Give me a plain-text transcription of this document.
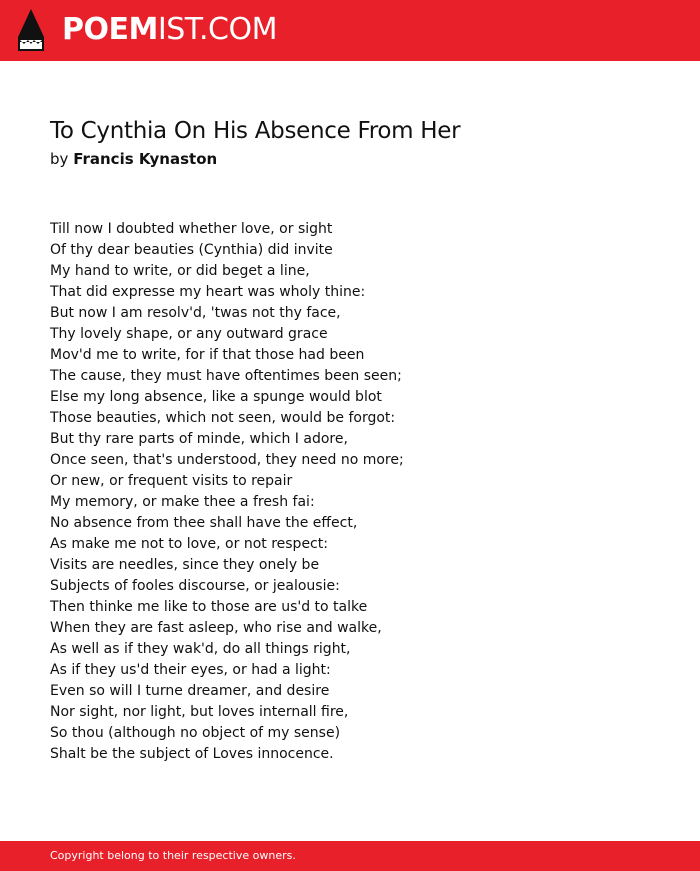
POEMIST.COM
To Cynthia On His Absence From Her
by Francis Kynaston
Till now I doubted whether love, or sight
Of thy dear beauties (Cynthia) did invite
My hand to write, or did beget a line,
That did expresse my heart was wholy thine:
But now I am resolv'd, 'twas not thy face,
Thy lovely shape, or any outward grace
Mov'd me to write, for if that those had been
The cause, they must have oftentimes been seen;
Else my long absence, like a spunge would blot
Those beauties, which not seen, would be forgot:
But thy rare parts of minde, which I adore,
Once seen, that's understood, they need no more;
Or new, or frequent visits to repair
My memory, or make thee a fresh fai:
No absence from thee shall have the effect,
As make me not to love, or not respect:
Visits are needles, since they onely be
Subjects of fooles discourse, or jealousie:
Then thinke me like to those are us'd to talke
When they are fast asleep, who rise and walke,
As well as if they wak'd, do all things right,
As if they us'd their eyes, or had a light:
Even so will I turne dreamer, and desire
Nor sight, nor light, but loves internall fire,
So thou (although no object of my sense)
Shalt be the subject of Loves innocence.
Copyright belong to their respective owners.
